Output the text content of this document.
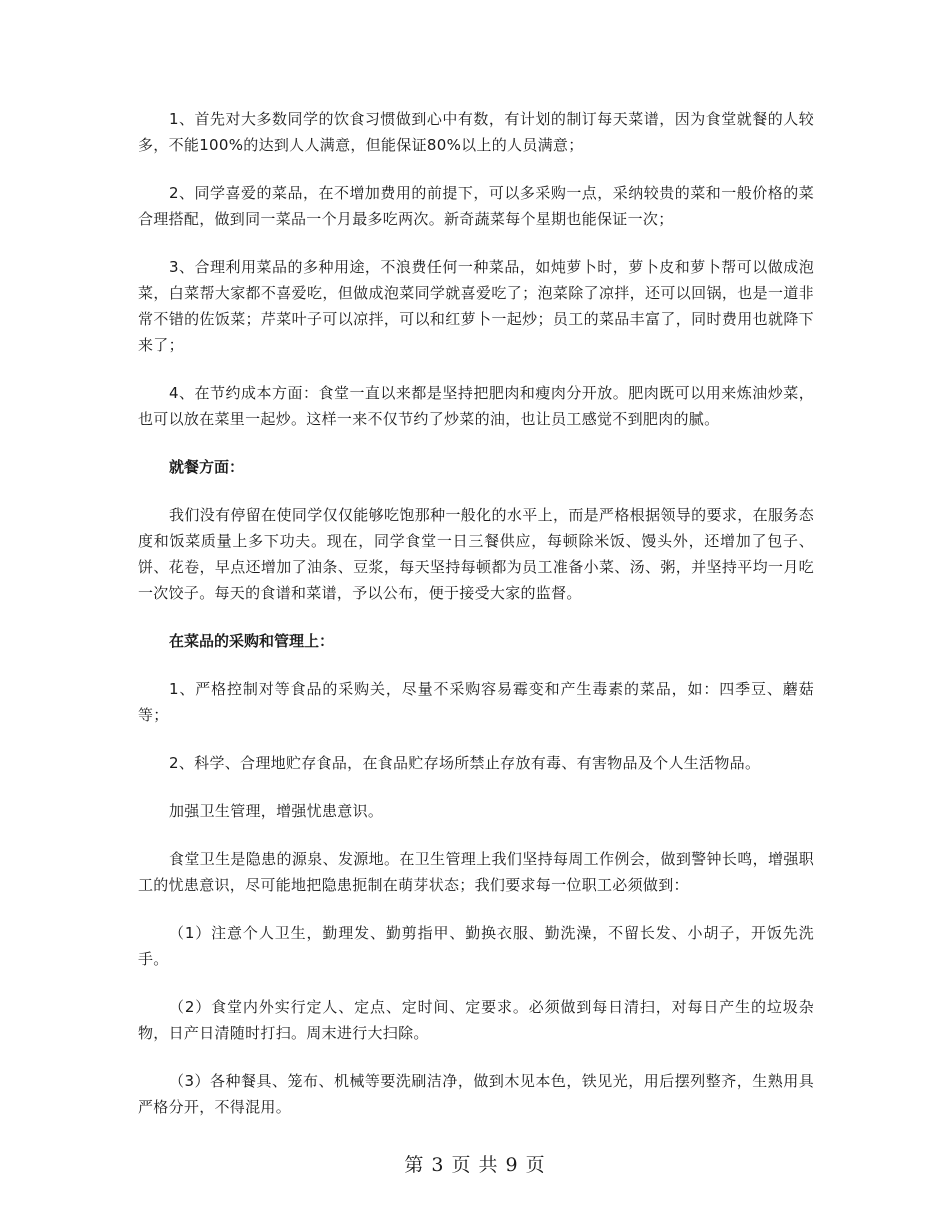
1、首先对大多数同学的饮食习惯做到心中有数，有计划的制订每天菜谱，因为食堂就餐的人较多，不能100%的达到人人满意，但能保证80%以上的人员满意；

2、同学喜爱的菜品，在不增加费用的前提下，可以多采购一点，采纳较贵的菜和一般价格的菜合理搭配，做到同一菜品一个月最多吃两次。新奇蔬菜每个星期也能保证一次；

3、合理利用菜品的多种用途，不浪费任何一种菜品，如炖萝卜时，萝卜皮和萝卜帮可以做成泡菜，白菜帮大家都不喜爱吃，但做成泡菜同学就喜爱吃了；泡菜除了凉拌，还可以回锅，也是一道非常不错的佐饭菜；芹菜叶子可以凉拌，可以和红萝卜一起炒；员工的菜品丰富了，同时费用也就降下来了；

4、在节约成本方面：食堂一直以来都是坚持把肥肉和瘦肉分开放。肥肉既可以用来炼油炒菜，也可以放在菜里一起炒。这样一来不仅节约了炒菜的油，也让员工感觉不到肥肉的腻。

就餐方面：

我们没有停留在使同学仅仅能够吃饱那种一般化的水平上，而是严格根据领导的要求，在服务态度和饭菜质量上多下功夫。现在，同学食堂一日三餐供应，每顿除米饭、馒头外，还增加了包子、饼、花卷，早点还增加了油条、豆浆，每天坚持每顿都为员工准备小菜、汤、粥，并坚持平均一月吃一次饺子。每天的食谱和菜谱，予以公布，便于接受大家的监督。

在菜品的采购和管理上：

1、严格控制对等食品的采购关，尽量不采购容易霉变和产生毒素的菜品，如：四季豆、蘑菇等；

2、科学、合理地贮存食品，在食品贮存场所禁止存放有毒、有害物品及个人生活物品。

加强卫生管理，增强忧患意识。

食堂卫生是隐患的源泉、发源地。在卫生管理上我们坚持每周工作例会，做到警钟长鸣，增强职工的忧患意识，尽可能地把隐患扼制在萌芽状态；我们要求每一位职工必须做到：

（1）注意个人卫生，勤理发、勤剪指甲、勤换衣服、勤洗澡，不留长发、小胡子，开饭先洗手。

（2）食堂内外实行定人、定点、定时间、定要求。必须做到每日清扫，对每日产生的垃圾杂物，日产日清随时打扫。周末进行大扫除。

（3）各种餐具、笼布、机械等要洗刷洁净，做到木见本色，铁见光，用后摆列整齐，生熟用具严格分开，不得混用。

第 3 页 共 9 页
